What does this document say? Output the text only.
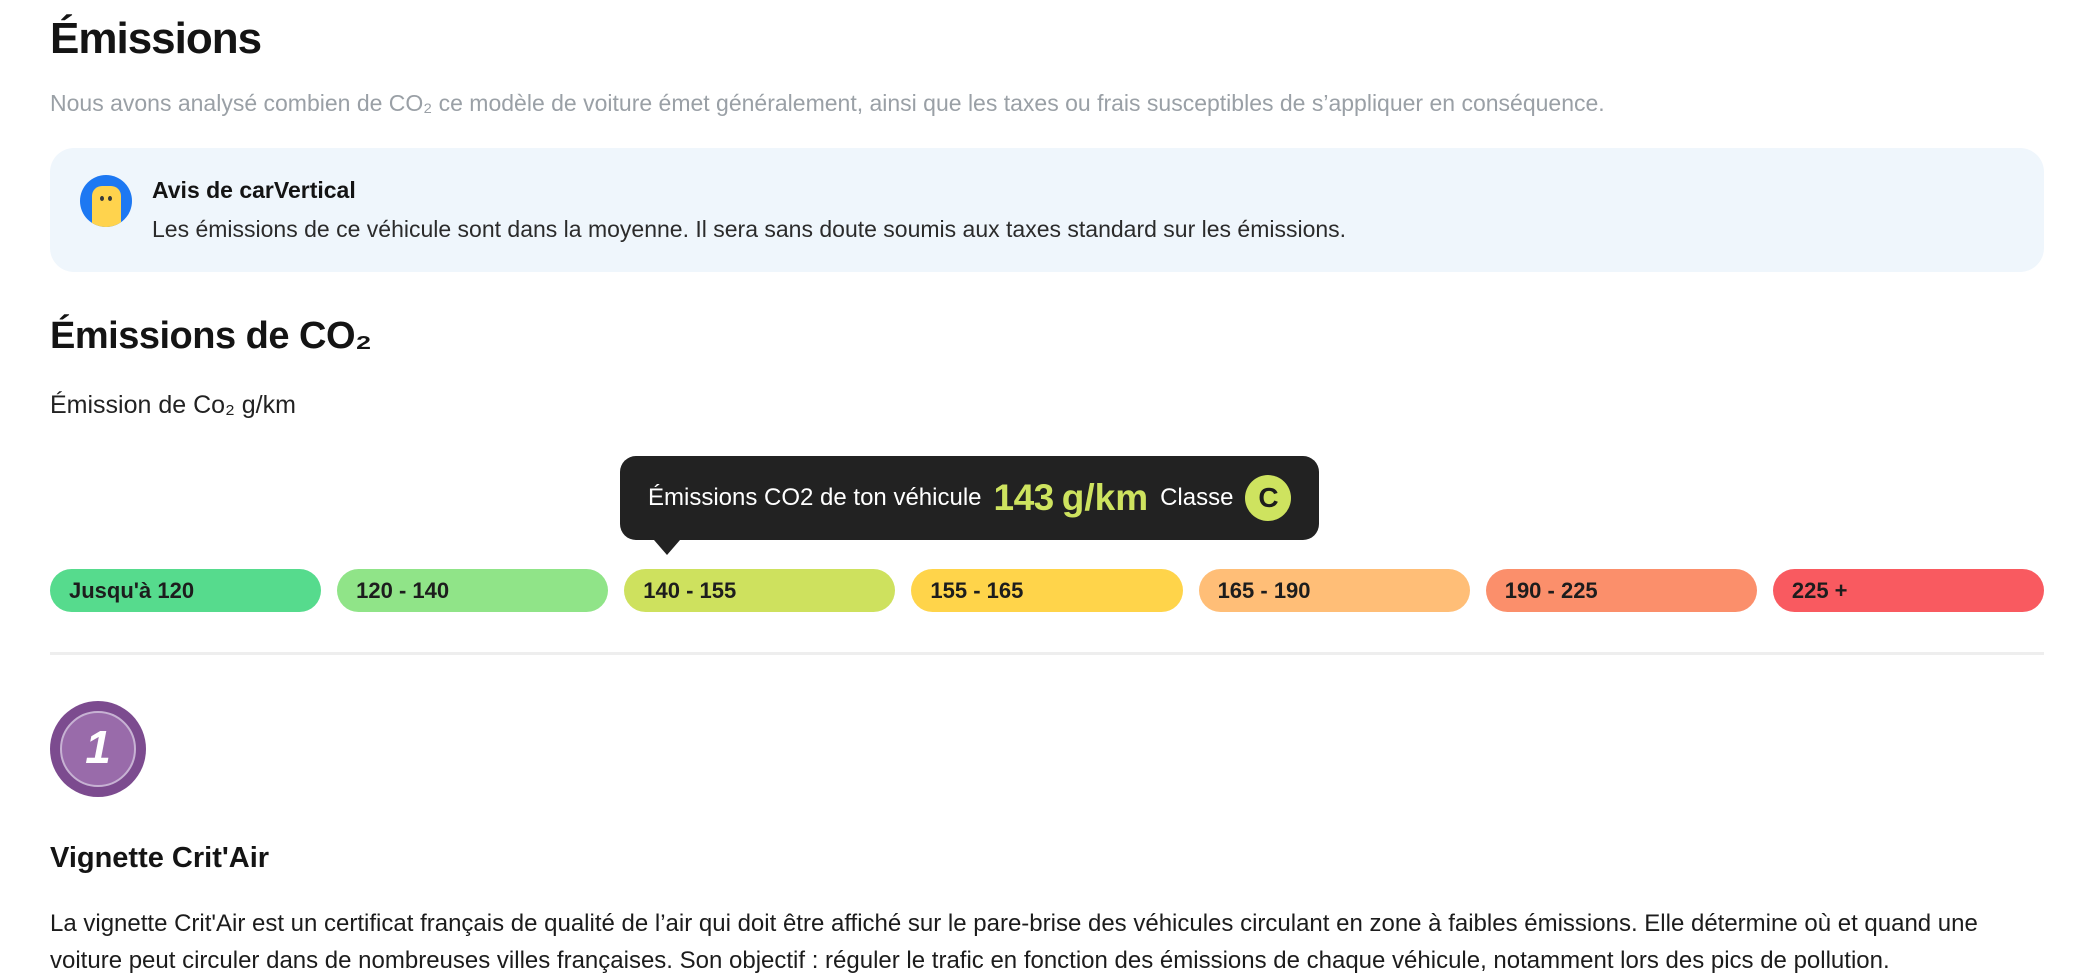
Émissions
Nous avons analysé combien de CO₂ ce modèle de voiture émet généralement, ainsi que les taxes ou frais susceptibles de s’appliquer en conséquence.
Avis de carVertical
Les émissions de ce véhicule sont dans la moyenne. Il sera sans doute soumis aux taxes standard sur les émissions.
Émissions de CO₂
Émission de Co₂ g/km
Émissions CO2 de ton véhicule 143 g/km Classe C
Jusqu'à 120	120 - 140	140 - 155	155 - 165	165 - 190	190 - 225	225 +
1
Vignette Crit'Air
La vignette Crit'Air est un certificat français de qualité de l’air qui doit être affiché sur le pare-brise des véhicules circulant en zone à faibles émissions. Elle détermine où et quand une voiture peut circuler dans de nombreuses villes françaises. Son objectif : réguler le trafic en fonction des émissions de chaque véhicule, notamment lors des pics de pollution.
